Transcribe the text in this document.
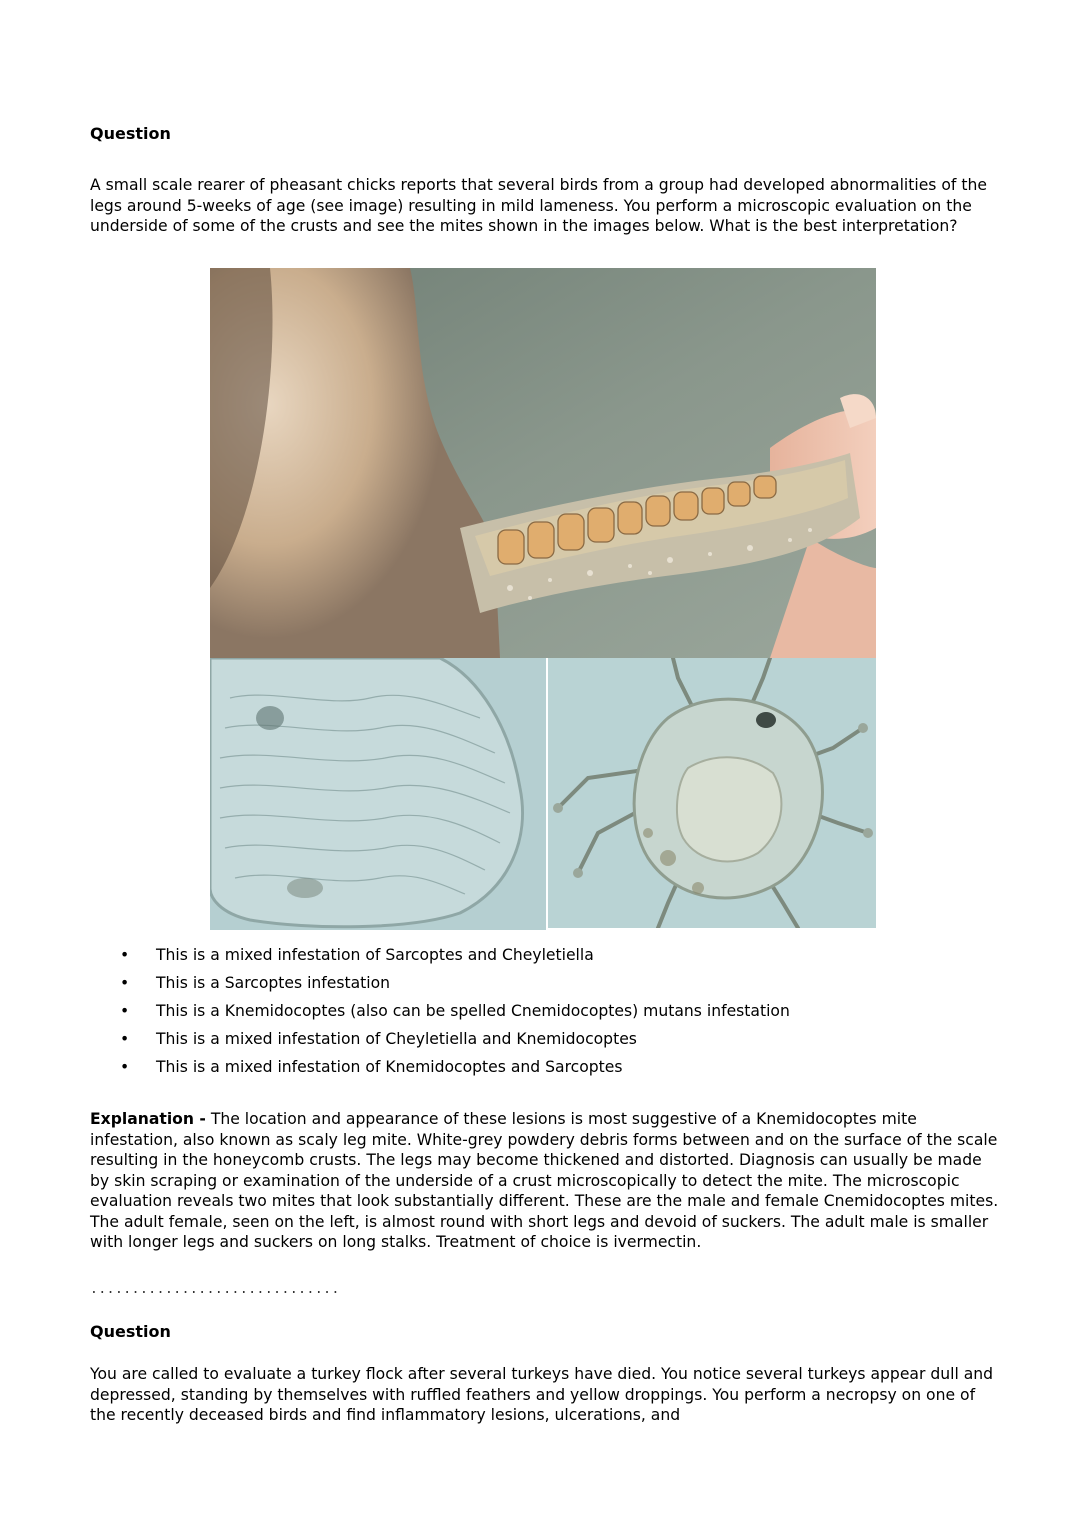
Question

A small scale rearer of pheasant chicks reports that several birds from a group had developed abnormalities of the legs around 5-weeks of age (see image) resulting in mild lameness. You perform a microscopic evaluation on the underside of some of the crusts and see the mites shown in the images below. What is the best interpretation?

• This is a mixed infestation of Sarcoptes and Cheyletiella
• This is a Sarcoptes infestation
• This is a Knemidocoptes (also can be spelled Cnemidocoptes) mutans infestation
• This is a mixed infestation of Cheyletiella and Knemidocoptes
• This is a mixed infestation of Knemidocoptes and Sarcoptes

Explanation - The location and appearance of these lesions is most suggestive of a Knemidocoptes mite infestation, also known as scaly leg mite. White-grey powdery debris forms between and on the surface of the scale resulting in the honeycomb crusts. The legs may become thickened and distorted. Diagnosis can usually be made by skin scraping or examination of the underside of a crust microscopically to detect the mite. The microscopic evaluation reveals two mites that look substantially different. These are the male and female Cnemidocoptes mites. The adult female, seen on the left, is almost round with short legs and devoid of suckers. The adult male is smaller with longer legs and suckers on long stalks. Treatment of choice is ivermectin.

..............................
Question

You are called to evaluate a turkey flock after several turkeys have died. You notice several turkeys appear dull and depressed, standing by themselves with ruffled feathers and yellow droppings. You perform a necropsy on one of the recently deceased birds and find inflammatory lesions, ulcerations, and
